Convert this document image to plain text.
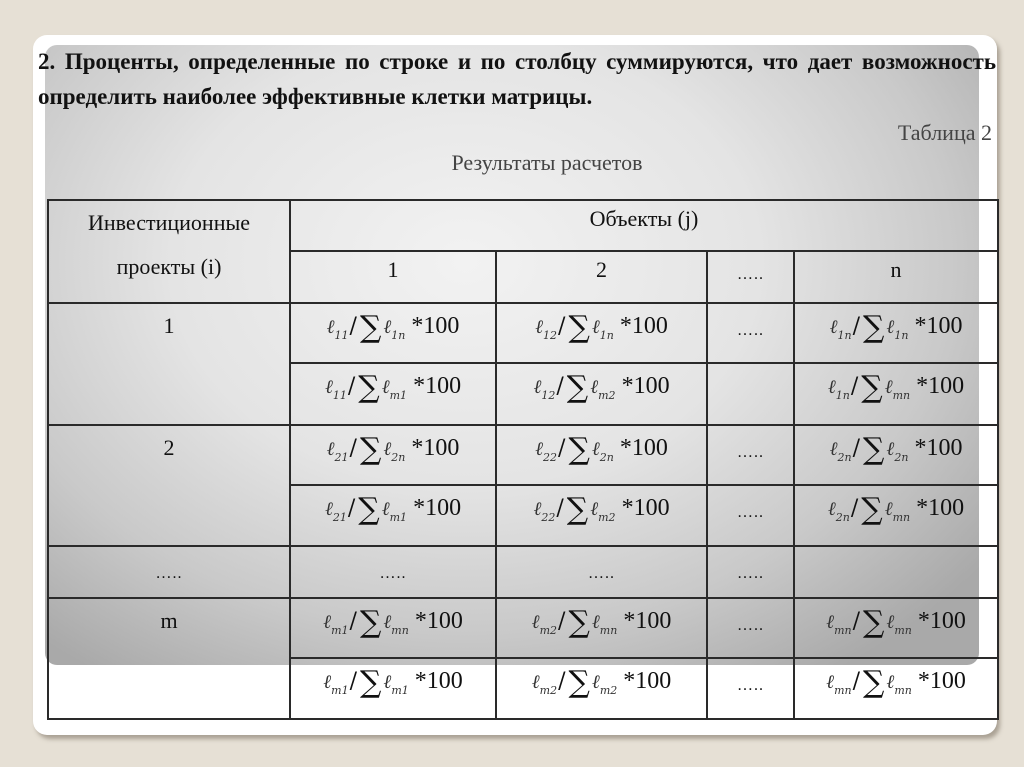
2. Проценты, определенные по строке и по столбцу суммируются, что дает возможность определить наиболее эффективные клетки матрицы.

Таблица 2
Результаты расчетов
Инвестиционные
проекты (i)	Объекты (j)			
	1	2	…..	n
1	ℓ$_{11}$/ ∑ ℓ$_{1n}$ *100	ℓ$_{12}$/ ∑ ℓ$_{1n}$ *100	…..	ℓ$_{1n}$/ ∑ ℓ$_{1n}$ *100
	ℓ$_{11}$/ ∑ ℓ$_{m1}$ *100	ℓ$_{12}$/ ∑ ℓ$_{m2}$ *100		ℓ$_{1n}$/ ∑ ℓ$_{mn}$ *100
2	ℓ$_{21}$/ ∑ ℓ$_{2n}$ *100	ℓ$_{22}$/ ∑ ℓ$_{2n}$ *100	…..	ℓ$_{2n}$/ ∑ ℓ$_{2n}$ *100
	ℓ$_{21}$/ ∑ ℓ$_{m1}$ *100	ℓ$_{22}$/ ∑ ℓ$_{m2}$ *100	…..	ℓ$_{2n}$/ ∑ ℓ$_{mn}$ *100
…..	…..	…..	…..	
m	ℓ$_{m1}$/ ∑ ℓ$_{mn}$ *100	ℓ$_{m2}$/ ∑ ℓ$_{mn}$ *100	…..	ℓ$_{mn}$/ ∑ ℓ$_{mn}$ *100
	ℓ$_{m1}$/ ∑ ℓ$_{m1}$ *100	ℓ$_{m2}$/ ∑ ℓ$_{m2}$ *100	…..	ℓ$_{mn}$/ ∑ ℓ$_{mn}$ *100
